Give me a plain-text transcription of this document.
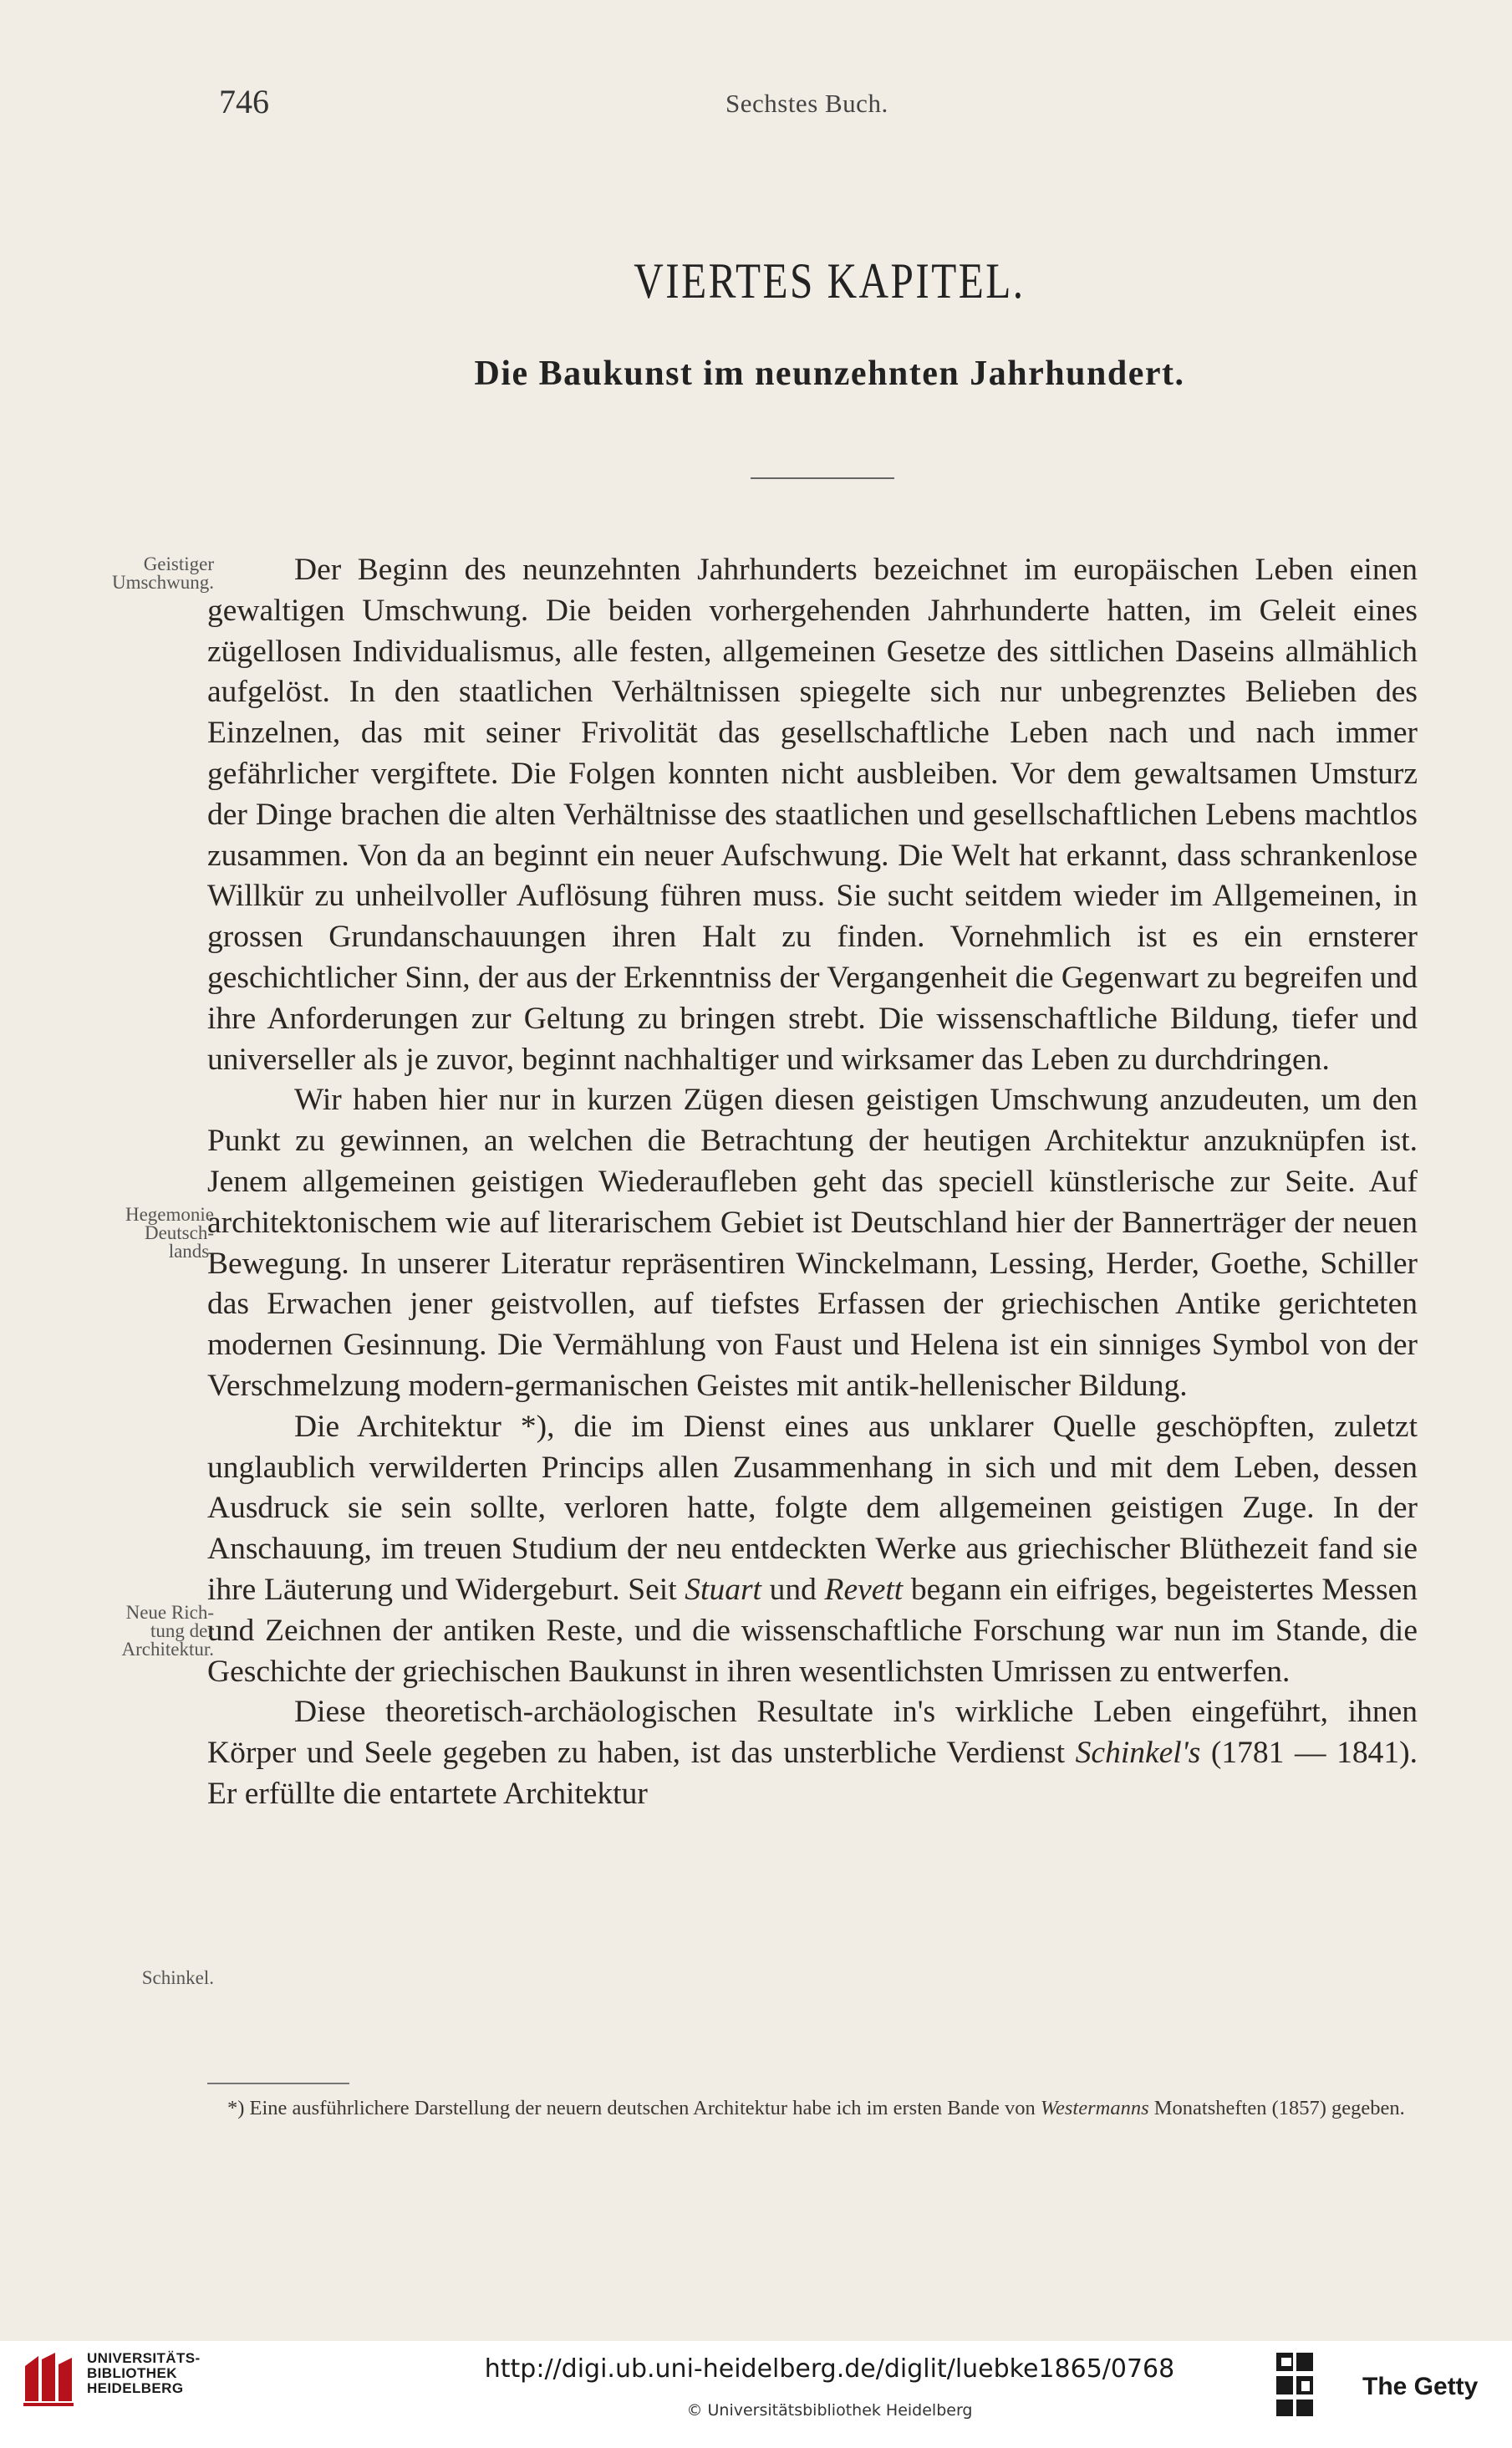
746	Sechstes Buch.
VIERTES KAPITEL.
Die Baukunst im neunzehnten Jahrhundert.
Geistiger
Umschwung.
Hegemonie
Deutsch-
lands.
Neue Rich-
tung der
Architektur.
Schinkel.

Der Beginn des neunzehnten Jahrhunderts bezeichnet im europäischen Leben einen gewaltigen Umschwung. Die beiden vorhergehenden Jahrhunderte hatten, im Geleit eines zügellosen Individualismus, alle festen, allgemeinen Gesetze des sittlichen Daseins allmählich aufgelöst. In den staatlichen Verhältnissen spiegelte sich nur unbegrenztes Belieben des Einzelnen, das mit seiner Frivolität das gesellschaftliche Leben nach und nach immer gefährlicher vergiftete. Die Folgen konnten nicht ausbleiben. Vor dem gewaltsamen Umsturz der Dinge brachen die alten Verhältnisse des staatlichen und gesellschaftlichen Lebens machtlos zusammen. Von da an beginnt ein neuer Aufschwung. Die Welt hat erkannt, dass schrankenlose Willkür zu unheilvoller Auflösung führen muss. Sie sucht seitdem wieder im Allgemeinen, in grossen Grundanschauungen ihren Halt zu finden. Vornehmlich ist es ein ernsterer geschichtlicher Sinn, der aus der Erkenntniss der Vergangenheit die Gegenwart zu begreifen und ihre Anforderungen zur Geltung zu bringen strebt. Die wissenschaftliche Bildung, tiefer und universeller als je zuvor, beginnt nachhaltiger und wirksamer das Leben zu durchdringen.

Wir haben hier nur in kurzen Zügen diesen geistigen Umschwung anzudeuten, um den Punkt zu gewinnen, an welchen die Betrachtung der heutigen Architektur anzuknüpfen ist. Jenem allgemeinen geistigen Wiederaufleben geht das speciell künstlerische zur Seite. Auf architektonischem wie auf literarischem Gebiet ist Deutschland hier der Bannerträger der neuen Bewegung. In unserer Literatur repräsentiren Winckelmann, Lessing, Herder, Goethe, Schiller das Erwachen jener geistvollen, auf tiefstes Erfassen der griechischen Antike gerichteten modernen Gesinnung. Die Vermählung von Faust und Helena ist ein sinniges Symbol von der Verschmelzung modern-germanischen Geistes mit antik-hellenischer Bildung.

Die Architektur *), die im Dienst eines aus unklarer Quelle geschöpften, zuletzt unglaublich verwilderten Princips allen Zusammenhang in sich und mit dem Leben, dessen Ausdruck sie sein sollte, verloren hatte, folgte dem allgemeinen geistigen Zuge. In der Anschauung, im treuen Studium der neu entdeckten Werke aus griechischer Blüthezeit fand sie ihre Läuterung und Widergeburt. Seit Stuart und Revett begann ein eifriges, begeistertes Messen und Zeichnen der antiken Reste, und die wissenschaftliche Forschung war nun im Stande, die Geschichte der griechischen Baukunst in ihren wesentlichsten Umrissen zu entwerfen.

Diese theoretisch-archäologischen Resultate in's wirkliche Leben eingeführt, ihnen Körper und Seele gegeben zu haben, ist das unsterbliche Verdienst Schinkel's (1781 — 1841). Er erfüllte die entartete Architektur

*) Eine ausführlichere Darstellung der neuern deutschen Architektur habe ich im ersten Bande von Westermanns Monatsheften (1857) gegeben.
UNIVERSITÄTS-
BIBLIOTHEK
HEIDELBERG
http://digi.ub.uni-heidelberg.de/diglit/luebke1865/0768
© Universitätsbibliothek Heidelberg
The Getty
